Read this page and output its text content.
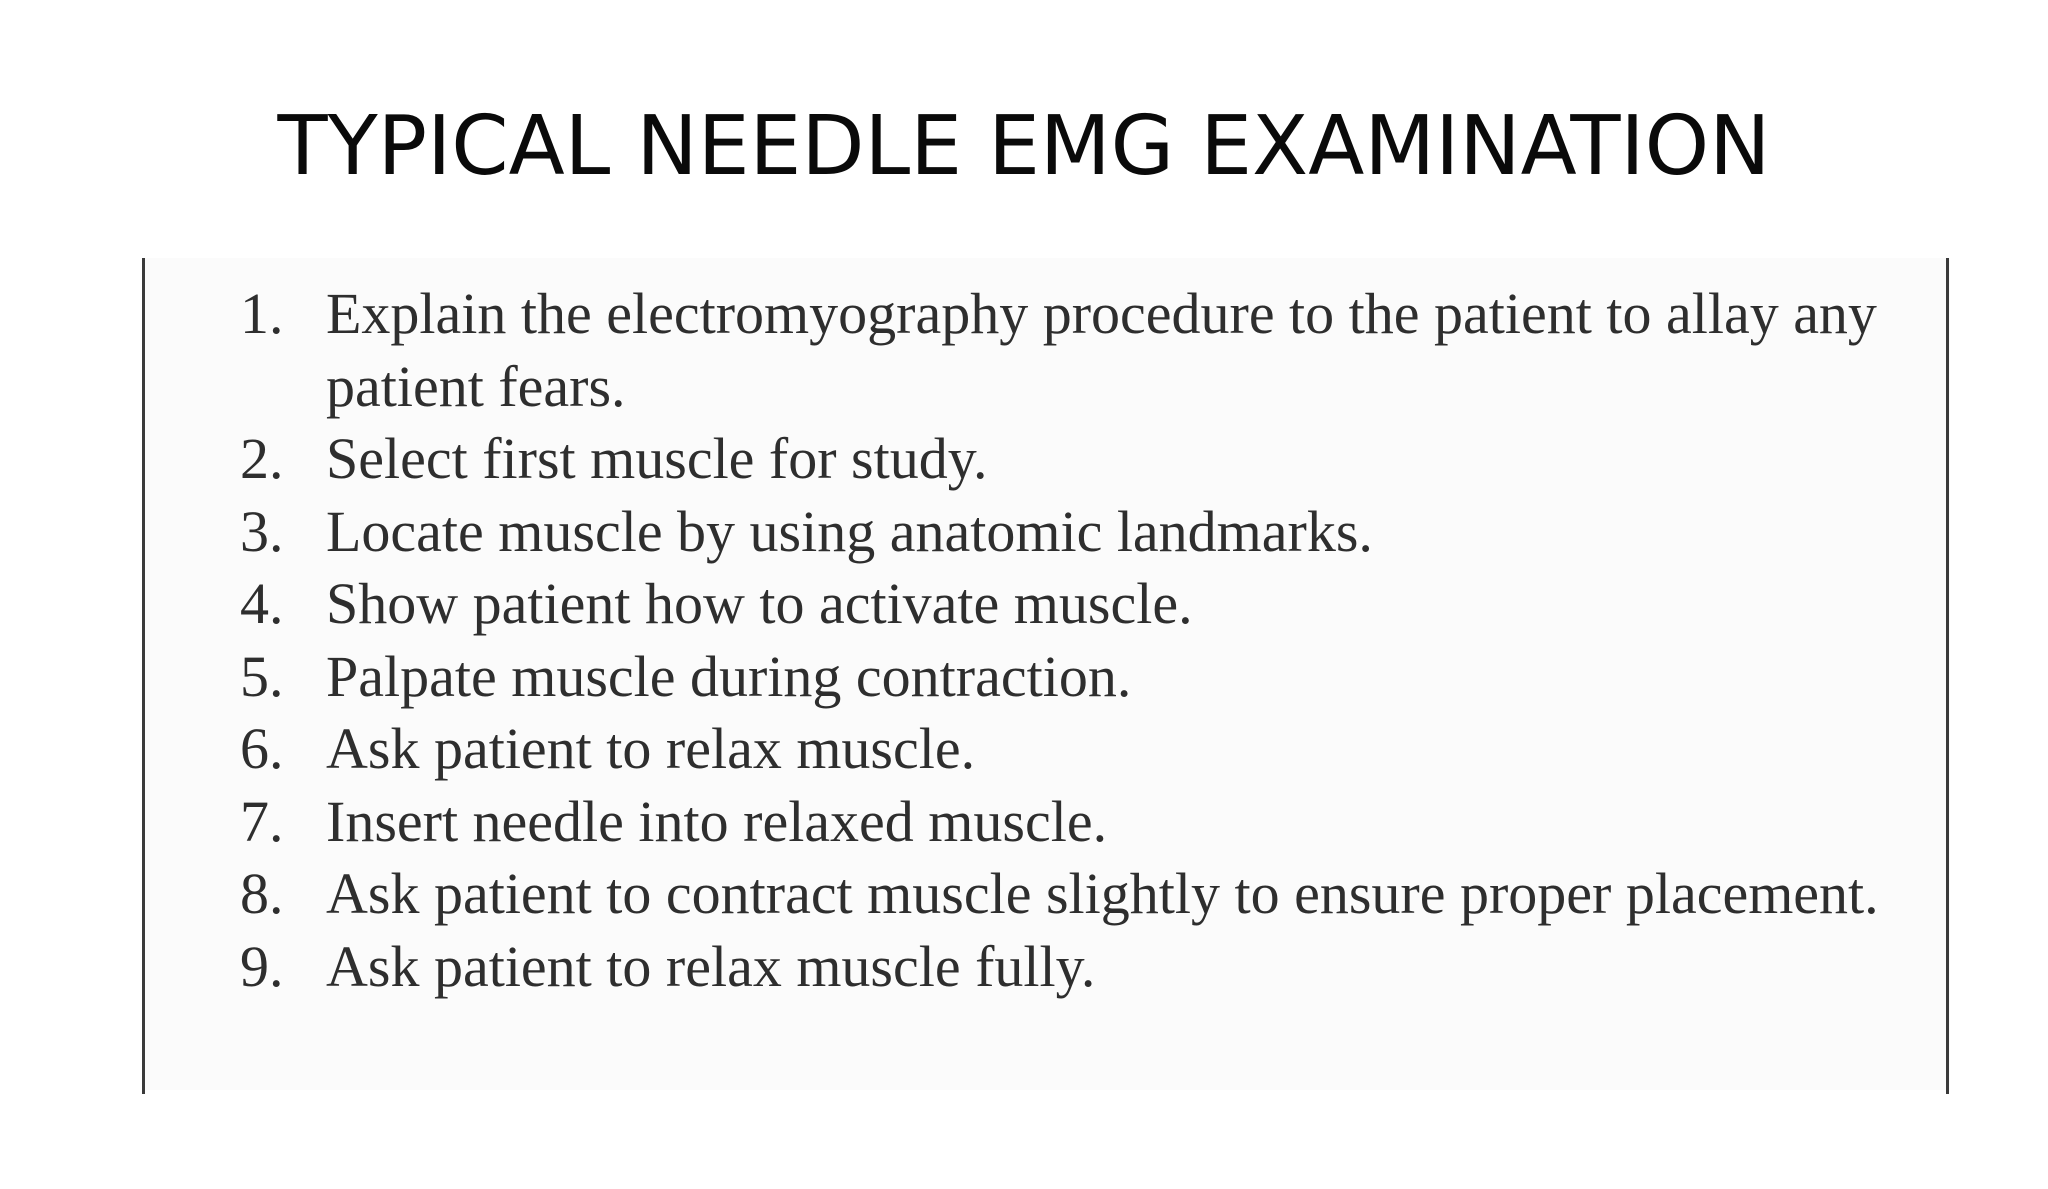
TYPICAL NEEDLE EMG EXAMINATION
1. Explain the electromyography procedure to the patient to allay any patient fears.
2. Select first muscle for study.
3. Locate muscle by using anatomic landmarks.
4. Show patient how to activate muscle.
5. Palpate muscle during contraction.
6. Ask patient to relax muscle.
7. Insert needle into relaxed muscle.
8. Ask patient to contract muscle slightly to ensure proper placement.
9. Ask patient to relax muscle fully.
